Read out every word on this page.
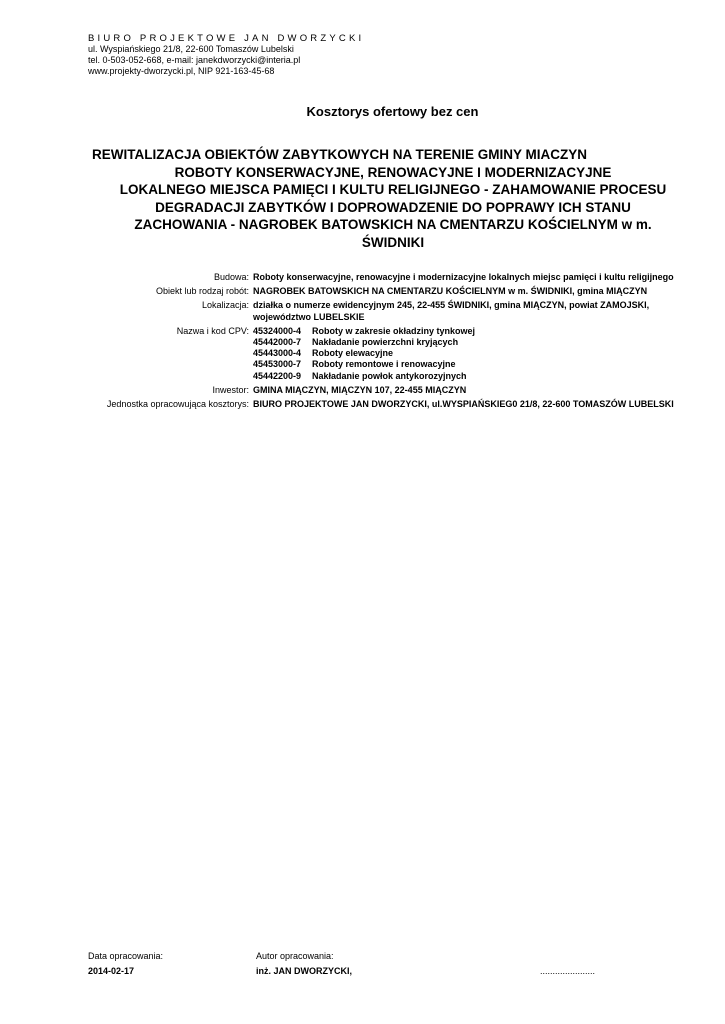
BIURO PROJEKTOWE JAN DWORZYCKI
ul. Wyspiańskiego 21/8, 22-600 Tomaszów Lubelski
tel. 0-503-052-668, e-mail: janekdworzycki@interia.pl
www.projekty-dworzycki.pl, NIP 921-163-45-68
Kosztorys ofertowy bez cen
REWITALIZACJA OBIEKTÓW ZABYTKOWYCH NA TERENIE GMINY MIACZYN
ROBOTY KONSERWACYJNE, RENOWACYJNE I MODERNIZACYJNE
LOKALNEGO MIEJSCA PAMIĘCI I KULTU RELIGIJNEGO - ZAHAMOWANIE PROCESU
DEGRADACJI ZABYTKÓW I DOPROWADZENIE DO POPRAWY ICH STANU
ZACHOWANIA - NAGROBEK BATOWSKICH NA CMENTARZU KOŚCIELNYM w m.
ŚWIDNIKI
Budowa: Roboty konserwacyjne, renowacyjne i modernizacyjne lokalnych miejsc pamięci i kultu religijnego
Obiekt lub rodzaj robót: NAGROBEK BATOWSKICH NA CMENTARZU KOŚCIELNYM w m. ŚWIDNIKI, gmina MIĄCZYN
Lokalizacja: działka o numerze ewidencyjnym 245, 22-455 ŚWIDNIKI, gmina MIĄCZYN, powiat ZAMOJSKI, województwo LUBELSKIE
Nazwa i kod CPV: 45324000-4 Roboty w zakresie okładziny tynkowej
45442000-7 Nakładanie powierzchni kryjących
45443000-4 Roboty elewacyjne
45453000-7 Roboty remontowe i renowacyjne
45442200-9 Nakładanie powłok antykorozyjnych
Inwestor: GMINA MIĄCZYN, MIĄCZYN 107, 22-455 MIĄCZYN
Jednostka opracowująca kosztorys: BIURO PROJEKTOWE JAN DWORZYCKI, ul.WYSPIAŃSKIEG0 21/8, 22-600 TOMASZÓW LUBELSKI
Data opracowania:	Autor opracowania:
2014-02-17	inż. JAN DWORZYCKI,	......................
